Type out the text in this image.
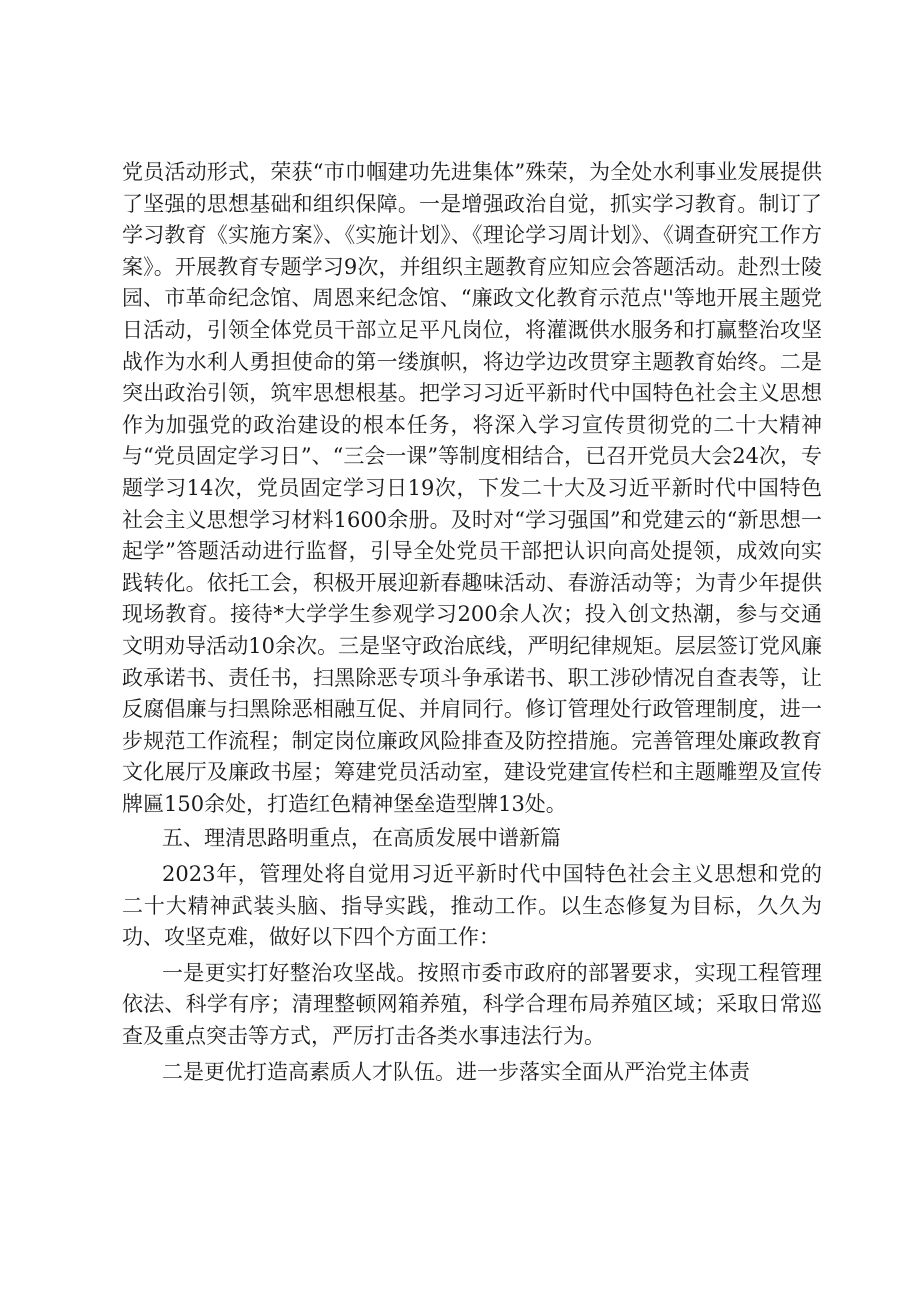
党员活动形式，荣获“市巾帼建功先进集体”殊荣，为全处水利事业发展提供了坚强的思想基础和组织保障。一是增强政治自觉，抓实学习教育。制订了学习教育《实施方案》、《实施计划》、《理论学习周计划》、《调查研究工作方案》。开展教育专题学习9次，并组织主题教育应知应会答题活动。赴烈士陵园、市革命纪念馆、周恩来纪念馆、“廉政文化教育示范点''等地开展主题党日活动，引领全体党员干部立足平凡岗位，将灌溉供水服务和打赢整治攻坚战作为水利人勇担使命的第一缕旗帜，将边学边改贯穿主题教育始终。二是突出政治引领，筑牢思想根基。把学习习近平新时代中国特色社会主义思想作为加强党的政治建设的根本任务，将深入学习宣传贯彻党的二十大精神与“党员固定学习日”、“三会一课”等制度相结合，已召开党员大会24次，专题学习14次，党员固定学习日19次，下发二十大及习近平新时代中国特色社会主义思想学习材料1600余册。及时对“学习强国”和党建云的“新思想一起学”答题活动进行监督，引导全处党员干部把认识向高处提领，成效向实践转化。依托工会，积极开展迎新春趣味活动、春游活动等；为青少年提供现场教育。接待*大学学生参观学习200余人次；投入创文热潮，参与交通文明劝导活动10余次。三是坚守政治底线，严明纪律规矩。层层签订党风廉政承诺书、责任书，扫黑除恶专项斗争承诺书、职工涉砂情况自查表等，让反腐倡廉与扫黑除恶相融互促、并肩同行。修订管理处行政管理制度，进一步规范工作流程；制定岗位廉政风险排查及防控措施。完善管理处廉政教育文化展厅及廉政书屋；筹建党员活动室，建设党建宣传栏和主题雕塑及宣传牌匾150余处，打造红色精神堡垒造型牌13处。

五、理清思路明重点，在高质发展中谱新篇

2023年，管理处将自觉用习近平新时代中国特色社会主义思想和党的二十大精神武装头脑、指导实践，推动工作。以生态修复为目标，久久为功、攻坚克难，做好以下四个方面工作：

一是更实打好整治攻坚战。按照市委市政府的部署要求，实现工程管理依法、科学有序；清理整顿网箱养殖，科学合理布局养殖区域；采取日常巡查及重点突击等方式，严厉打击各类水事违法行为。

二是更优打造高素质人才队伍。进一步落实全面从严治党主体责
